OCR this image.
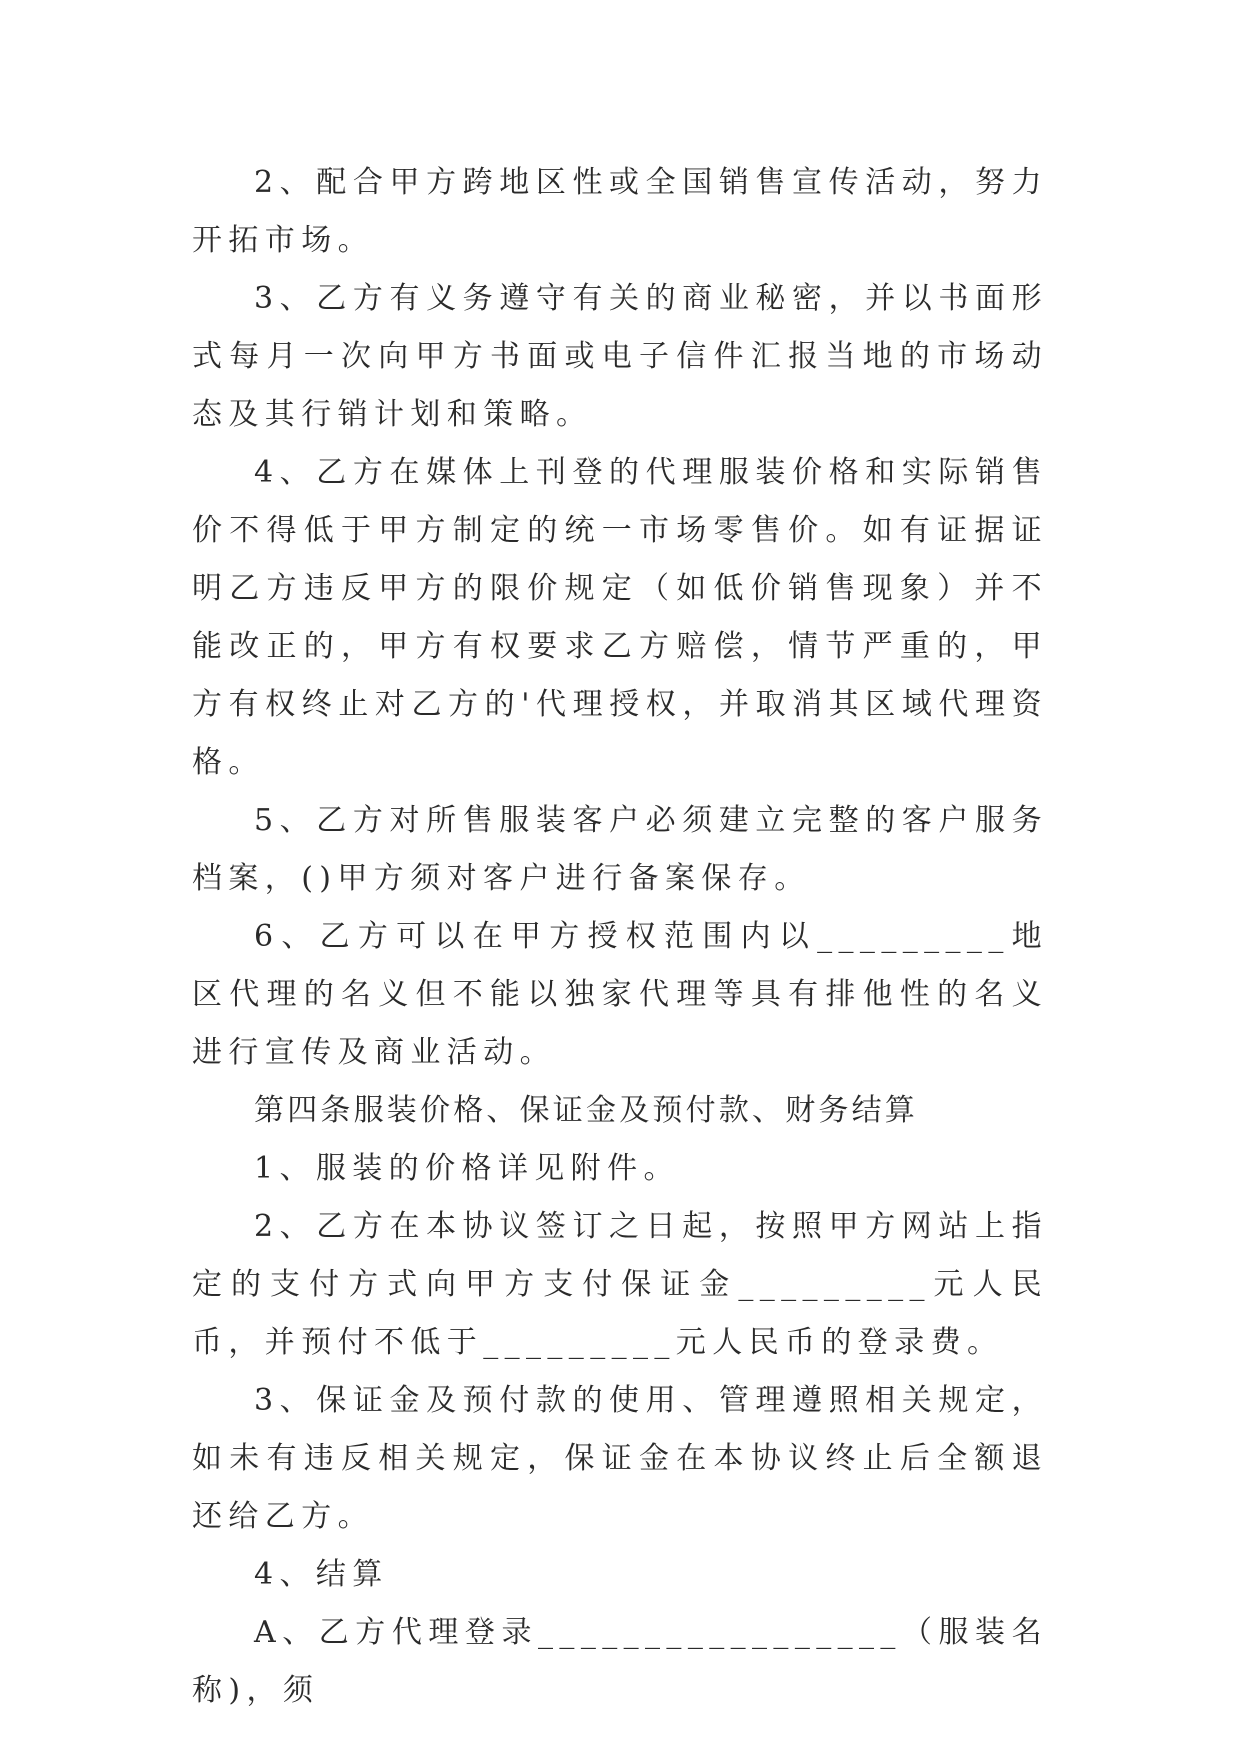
2、配合甲方跨地区性或全国销售宣传活动，努力开拓市场。

3、乙方有义务遵守有关的商业秘密，并以书面形式每月一次向甲方书面或电子信件汇报当地的市场动态及其行销计划和策略。

4、乙方在媒体上刊登的代理服装价格和实际销售价不得低于甲方制定的统一市场零售价。如有证据证明乙方违反甲方的限价规定（如低价销售现象）并不能改正的，甲方有权要求乙方赔偿，情节严重的，甲方有权终止对乙方的'代理授权，并取消其区域代理资格。

5、乙方对所售服装客户必须建立完整的客户服务档案，()甲方须对客户进行备案保存。

6、乙方可以在甲方授权范围内以_________地区代理的名义但不能以独家代理等具有排他性的名义进行宣传及商业活动。

第四条服装价格、保证金及预付款、财务结算

1、服装的价格详见附件。

2、乙方在本协议签订之日起，按照甲方网站上指定的支付方式向甲方支付保证金_________元人民币，并预付不低于_________元人民币的登录费。

3、保证金及预付款的使用、管理遵照相关规定，如未有违反相关规定，保证金在本协议终止后全额退还给乙方。

4、结算

A、乙方代理登录_________________（服装名称)，须
